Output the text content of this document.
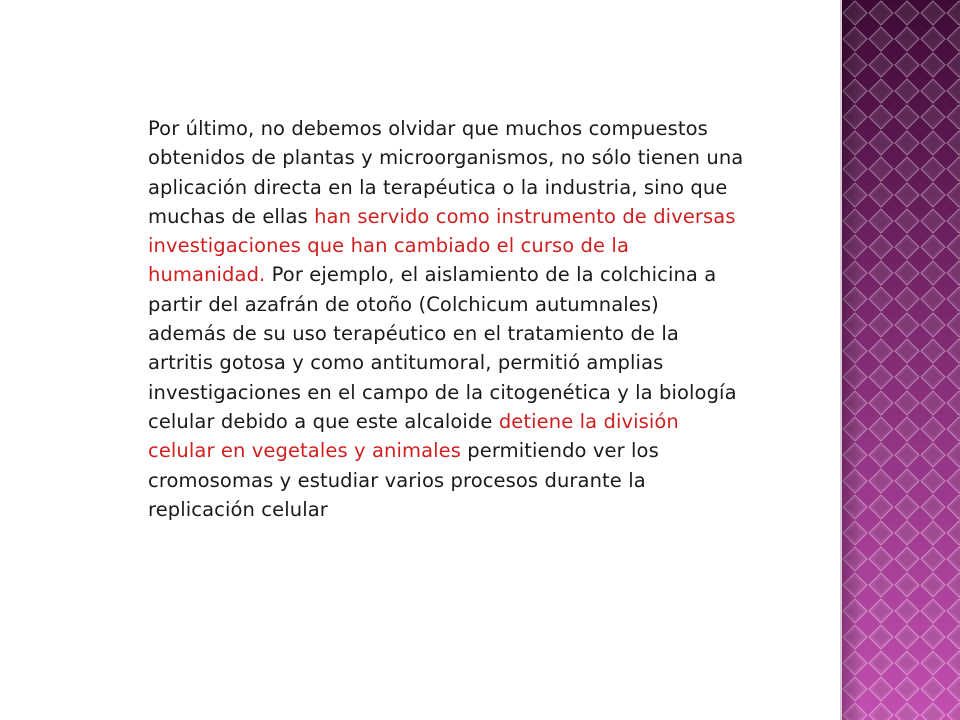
Por último, no debemos olvidar que muchos compuestos
obtenidos de plantas y microorganismos, no sólo tienen una
aplicación directa en la terapéutica o la industria, sino que
muchas de ellas han servido como instrumento de diversas
investigaciones que han cambiado el curso de la
humanidad. Por ejemplo, el aislamiento de la colchicina a
partir del azafrán de otoño (Colchicum autumnales)
además de su uso terapéutico en el tratamiento de la
artritis gotosa y como antitumoral, permitió amplias
investigaciones en el campo de la citogenética y la biología
celular debido a que este alcaloide detiene la división
celular en vegetales y animales permitiendo ver los
cromosomas y estudiar varios procesos durante la
replicación celular
